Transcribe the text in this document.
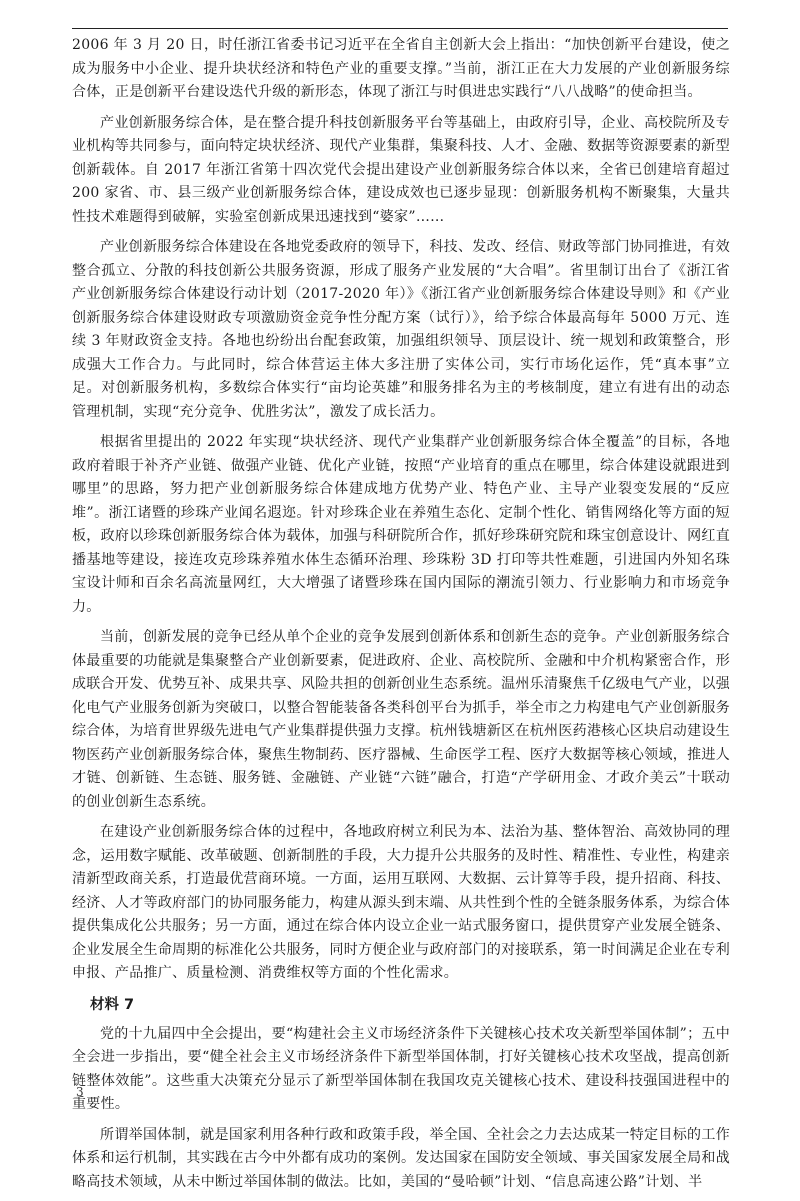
2006 年 3 月 20 日，时任浙江省委书记习近平在全省自主创新大会上指出：“加快创新平台建设，使之成为服务中小企业、提升块状经济和特色产业的重要支撑。”当前，浙江正在大力发展的产业创新服务综合体，正是创新平台建设迭代升级的新形态，体现了浙江与时俱进忠实践行“八八战略”的使命担当。

产业创新服务综合体，是在整合提升科技创新服务平台等基础上，由政府引导，企业、高校院所及专业机构等共同参与，面向特定块状经济、现代产业集群，集聚科技、人才、金融、数据等资源要素的新型创新载体。自 2017 年浙江省第十四次党代会提出建设产业创新服务综合体以来，全省已创建培育超过 200 家省、市、县三级产业创新服务综合体，建设成效也已逐步显现：创新服务机构不断聚集，大量共性技术难题得到破解，实验室创新成果迅速找到“婆家”……

产业创新服务综合体建设在各地党委政府的领导下，科技、发改、经信、财政等部门协同推进，有效整合孤立、分散的科技创新公共服务资源，形成了服务产业发展的“大合唱”。省里制订出台了《浙江省产业创新服务综合体建设行动计划（2017-2020 年）》《浙江省产业创新服务综合体建设导则》和《产业创新服务综合体建设财政专项激励资金竞争性分配方案（试行）》，给予综合体最高每年 5000 万元、连续 3 年财政资金支持。各地也纷纷出台配套政策，加强组织领导、顶层设计、统一规划和政策整合，形成强大工作合力。与此同时，综合体营运主体大多注册了实体公司，实行市场化运作，凭“真本事”立足。对创新服务机构，多数综合体实行“亩均论英雄”和服务排名为主的考核制度，建立有进有出的动态管理机制，实现“充分竞争、优胜劣汰”，激发了成长活力。

根据省里提出的 2022 年实现“块状经济、现代产业集群产业创新服务综合体全覆盖”的目标，各地政府着眼于补齐产业链、做强产业链、优化产业链，按照“产业培育的重点在哪里，综合体建设就跟进到哪里”的思路，努力把产业创新服务综合体建成地方优势产业、特色产业、主导产业裂变发展的“反应堆”。浙江诸暨的珍珠产业闻名遐迩。针对珍珠企业在养殖生态化、定制个性化、销售网络化等方面的短板，政府以珍珠创新服务综合体为载体，加强与科研院所合作，抓好珍珠研究院和珠宝创意设计、网红直播基地等建设，接连攻克珍珠养殖水体生态循环治理、珍珠粉 3D 打印等共性难题，引进国内外知名珠宝设计师和百余名高流量网红，大大增强了诸暨珍珠在国内国际的潮流引领力、行业影响力和市场竞争力。

当前，创新发展的竞争已经从单个企业的竞争发展到创新体系和创新生态的竞争。产业创新服务综合体最重要的功能就是集聚整合产业创新要素，促进政府、企业、高校院所、金融和中介机构紧密合作，形成联合开发、优势互补、成果共享、风险共担的创新创业生态系统。温州乐清聚焦千亿级电气产业，以强化电气产业服务创新为突破口，以整合智能装备各类科创平台为抓手，举全市之力构建电气产业创新服务综合体，为培育世界级先进电气产业集群提供强力支撑。杭州钱塘新区在杭州医药港核心区块启动建设生物医药产业创新服务综合体，聚焦生物制药、医疗器械、生命医学工程、医疗大数据等核心领域，推进人才链、创新链、生态链、服务链、金融链、产业链“六链”融合，打造“产学研用金、才政介美云”十联动的创业创新生态系统。

在建设产业创新服务综合体的过程中，各地政府树立利民为本、法治为基、整体智治、高效协同的理念，运用数字赋能、改革破题、创新制胜的手段，大力提升公共服务的及时性、精准性、专业性，构建亲清新型政商关系，打造最优营商环境。一方面，运用互联网、大数据、云计算等手段，提升招商、科技、经济、人才等政府部门的协同服务能力，构建从源头到末端、从共性到个性的全链条服务体系，为综合体提供集成化公共服务；另一方面，通过在综合体内设立企业一站式服务窗口，提供贯穿产业发展全链条、企业发展全生命周期的标准化公共服务，同时方便企业与政府部门的对接联系，第一时间满足企业在专利申报、产品推广、质量检测、消费维权等方面的个性化需求。

材料 7

党的十九届四中全会提出，要“构建社会主义市场经济条件下关键核心技术攻关新型举国体制”；五中全会进一步指出，要“健全社会主义市场经济条件下新型举国体制，打好关键核心技术攻坚战，提高创新链整体效能”。这些重大决策充分显示了新型举国体制在我国攻克关键核心技术、建设科技强国进程中的重要性。

所谓举国体制，就是国家利用各种行政和政策手段，举全国、全社会之力去达成某一特定目标的工作体系和运行机制，其实践在古今中外都有成功的案例。发达国家在国防安全领域、事关国家发展全局和战略高技术领域，从未中断过举国体制的做法。比如，美国的“曼哈顿”计划、“信息高速公路”计划、半

3
